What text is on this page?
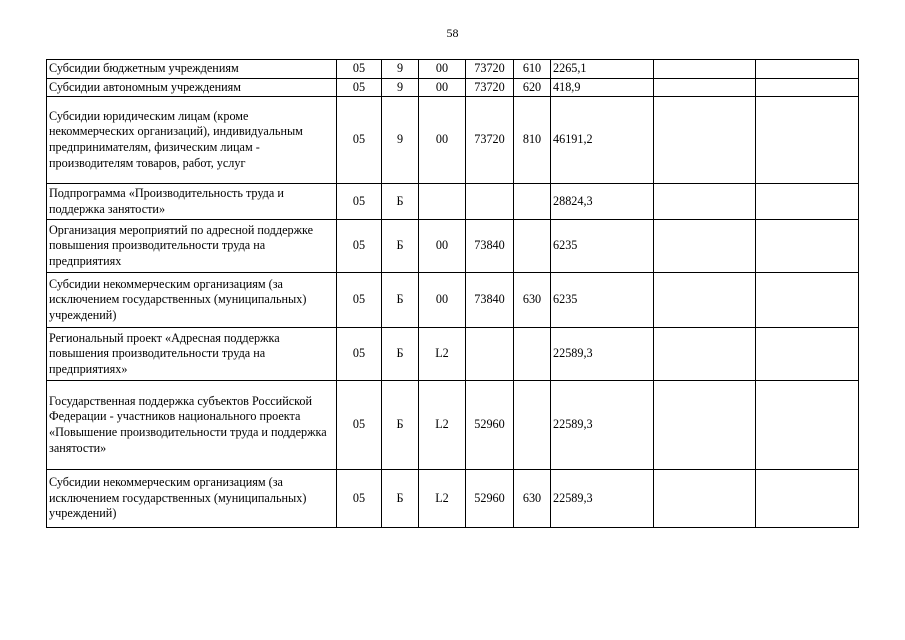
58
Субсидии бюджетным учреждениям	05	9	00	73720	610	2265,1		
Субсидии автономным учреждениям	05	9	00	73720	620	418,9		
Субсидии юридическим лицам (кроме некоммерческих организаций), индивидуальным предпринимателям, физическим лицам - производителям товаров, работ, услуг	05	9	00	73720	810	46191,2		
Подпрограмма «Производительность труда и поддержка занятости»	05	Б				28824,3		
Организация мероприятий по адресной поддержке повышения производительности труда на предприятиях	05	Б	00	73840		6235		
Субсидии некоммерческим организациям (за исключением государственных (муниципальных) учреждений)	05	Б	00	73840	630	6235		
Региональный проект «Адресная поддержка повышения производительности труда на предприятиях»	05	Б	L2			22589,3		
Государственная поддержка субъектов Российской Федерации - участников национального проекта «Повышение производительности труда и поддержка занятости»	05	Б	L2	52960		22589,3		
Субсидии некоммерческим организациям (за исключением государственных (муниципальных) учреждений)	05	Б	L2	52960	630	22589,3		
